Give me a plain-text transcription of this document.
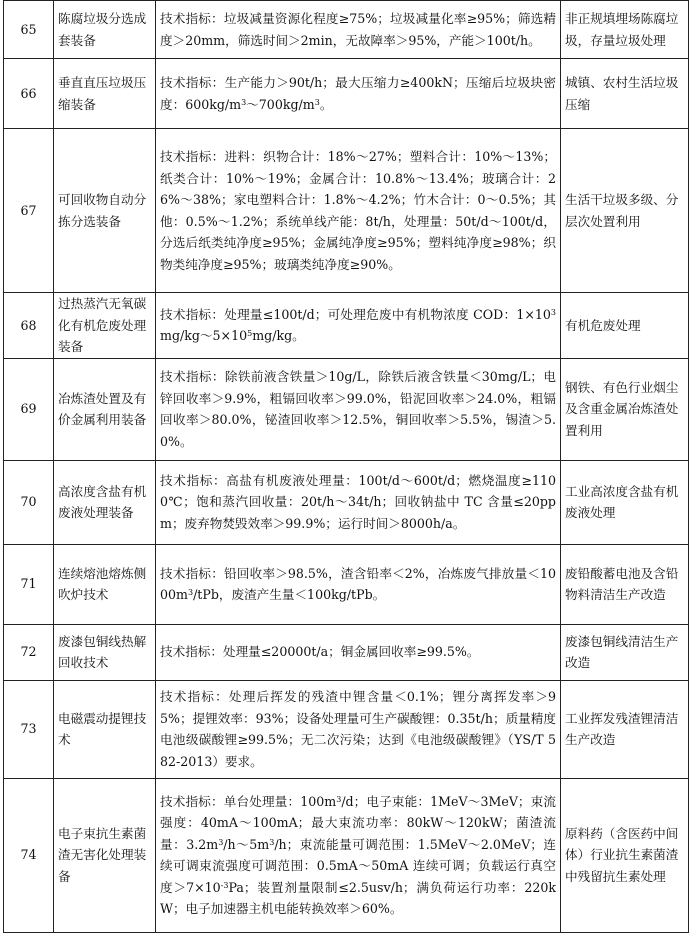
65	陈腐垃圾分选成套装备	技术指标：垃圾减量资源化程度≥75%；垃圾减量化率≥95%；筛选精度＞20mm，筛选时间＞2min，无故障率＞95%，产能＞100t/h。	非正规填埋场陈腐垃圾，存量垃圾处理
66	垂直直压垃圾压缩装备	技术指标：生产能力＞90t/h；最大压缩力≥400kN；压缩后垃圾块密度：$600kg/m^3\sim 700kg/m^3$。	城镇、农村生活垃圾压缩
67	可回收物自动分拣分选装备	技术指标：进料：织物合计：18%～27%；塑料合计：10%～13%；纸类合计：10%～19%；金属合计：10.8%～13.4%；玻璃合计：26%～38%；家电塑料合计：1.8%～4.2%；竹木合计：0～0.5%；其他：0.5%～1.2%；系统单线产能：8t/h，处理量：50t/d～100t/d，分选后纸类纯净度≥95%；金属纯净度≥95%；塑料纯净度≥98%；织物类纯净度≥95%；玻璃类纯净度≥90%。	生活干垃圾多级、分层次处置利用
68	过热蒸汽无氧碳化有机危废处理装备	技术指标：处理量≤100t/d；可处理危废中有机物浓度 COD：$1\times 10^3mg/kg\sim 5\times 10^5mg/kg$。	有机危废处理
69	冶炼渣处置及有价金属利用装备	技术指标：除铁前液含铁量＞10g/L，除铁后液含铁量＜30mg/L；电锌回收率＞9.9%，粗镉回收率＞99.0%，铅泥回收率＞24.0%，粗镉回收率＞80.0%，铋渣回收率＞12.5%，铜回收率＞5.5%，锡渣＞5.0%。	钢铁、有色行业烟尘及含重金属冶炼渣处置利用
70	高浓度含盐有机废液处理装备	技术指标：高盐有机废液处理量：100t/d～600t/d；燃烧温度≥1100℃；饱和蒸汽回收量：20t/h～34t/h；回收钠盐中 TC 含量≤20ppm；废弃物焚毁效率＞99.9%；运行时间＞8000h/a。	工业高浓度含盐有机废液处理
71	连续熔池熔炼侧吹炉技术	技术指标：铅回收率＞98.5%，渣含铅率＜2%，冶炼废气排放量$<1000m^3$/tPb，废渣产生量＜100kg/tPb。	废铅酸蓄电池及含铅物料清洁生产改造
72	废漆包铜线热解回收技术	技术指标：处理量≤20000t/a；铜金属回收率≥99.5%。	废漆包铜线清洁生产改造
73	电磁震动提锂技术	技术指标：处理后挥发的残渣中锂含量＜0.1%；锂分离挥发率＞95%；提锂效率：93%；设备处理量可生产碳酸锂：0.35t/h；质量精度电池级碳酸锂≥99.5%；无二次污染；达到《电池级碳酸锂》（YS/T 582-2013）要求。	工业挥发残渣锂清洁生产改造
74	电子束抗生素菌渣无害化处理装备	技术指标：单台处理量：$100m^3/d$；电子束能：1MeV～3MeV；束流强度：40mA～100mA；最大束流功率：80kW～120kW；菌渣流量：$3.2m^3/h\sim 5m^3/h$；束流能量可调范围：1.5MeV～2.0MeV；连续可调束流强度可调范围：0.5mA～50mA 连续可调；负载运行真空度$>7\times 10^{-3}Pa$；装置剂量限制≤2.5usv/h；满负荷运行功率：220kW；电子加速器主机电能转换效率＞60%。	原料药（含医药中间体）行业抗生素菌渣中残留抗生素处理
